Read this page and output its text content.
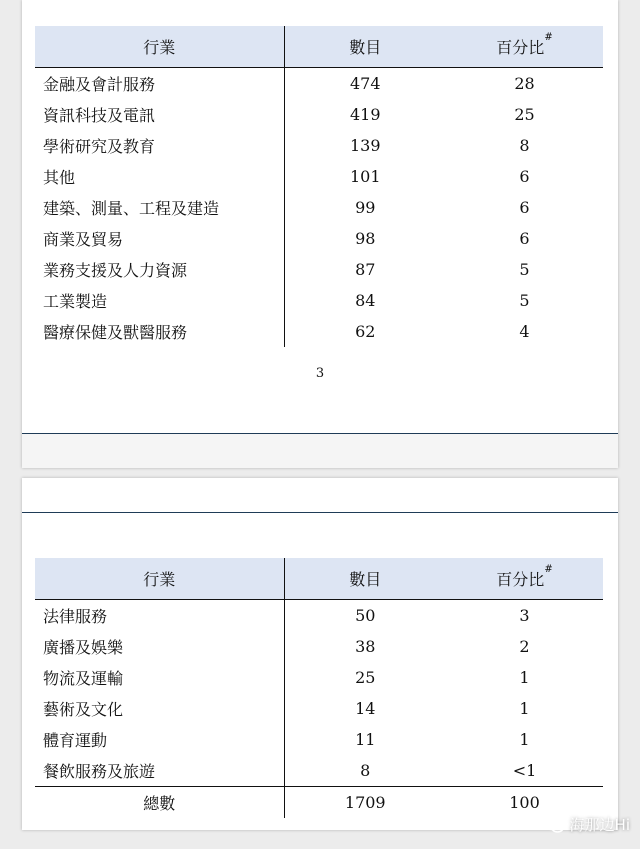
行業	數目	百分比#
金融及會計服務	474	28
資訊科技及電訊	419	25
學術研究及教育	139	8
其他	101	6
建築、測量、工程及建造	99	6
商業及貿易	98	6
業務支援及人力資源	87	5
工業製造	84	5
醫療保健及獸醫服務	62	4
3
行業	數目	百分比#
法律服務	50	3
廣播及娛樂	38	2
物流及運輸	25	1
藝術及文化	14	1
體育運動	11	1
餐飲服務及旅遊	8	<1
總數	1709	100
海那边Hi
